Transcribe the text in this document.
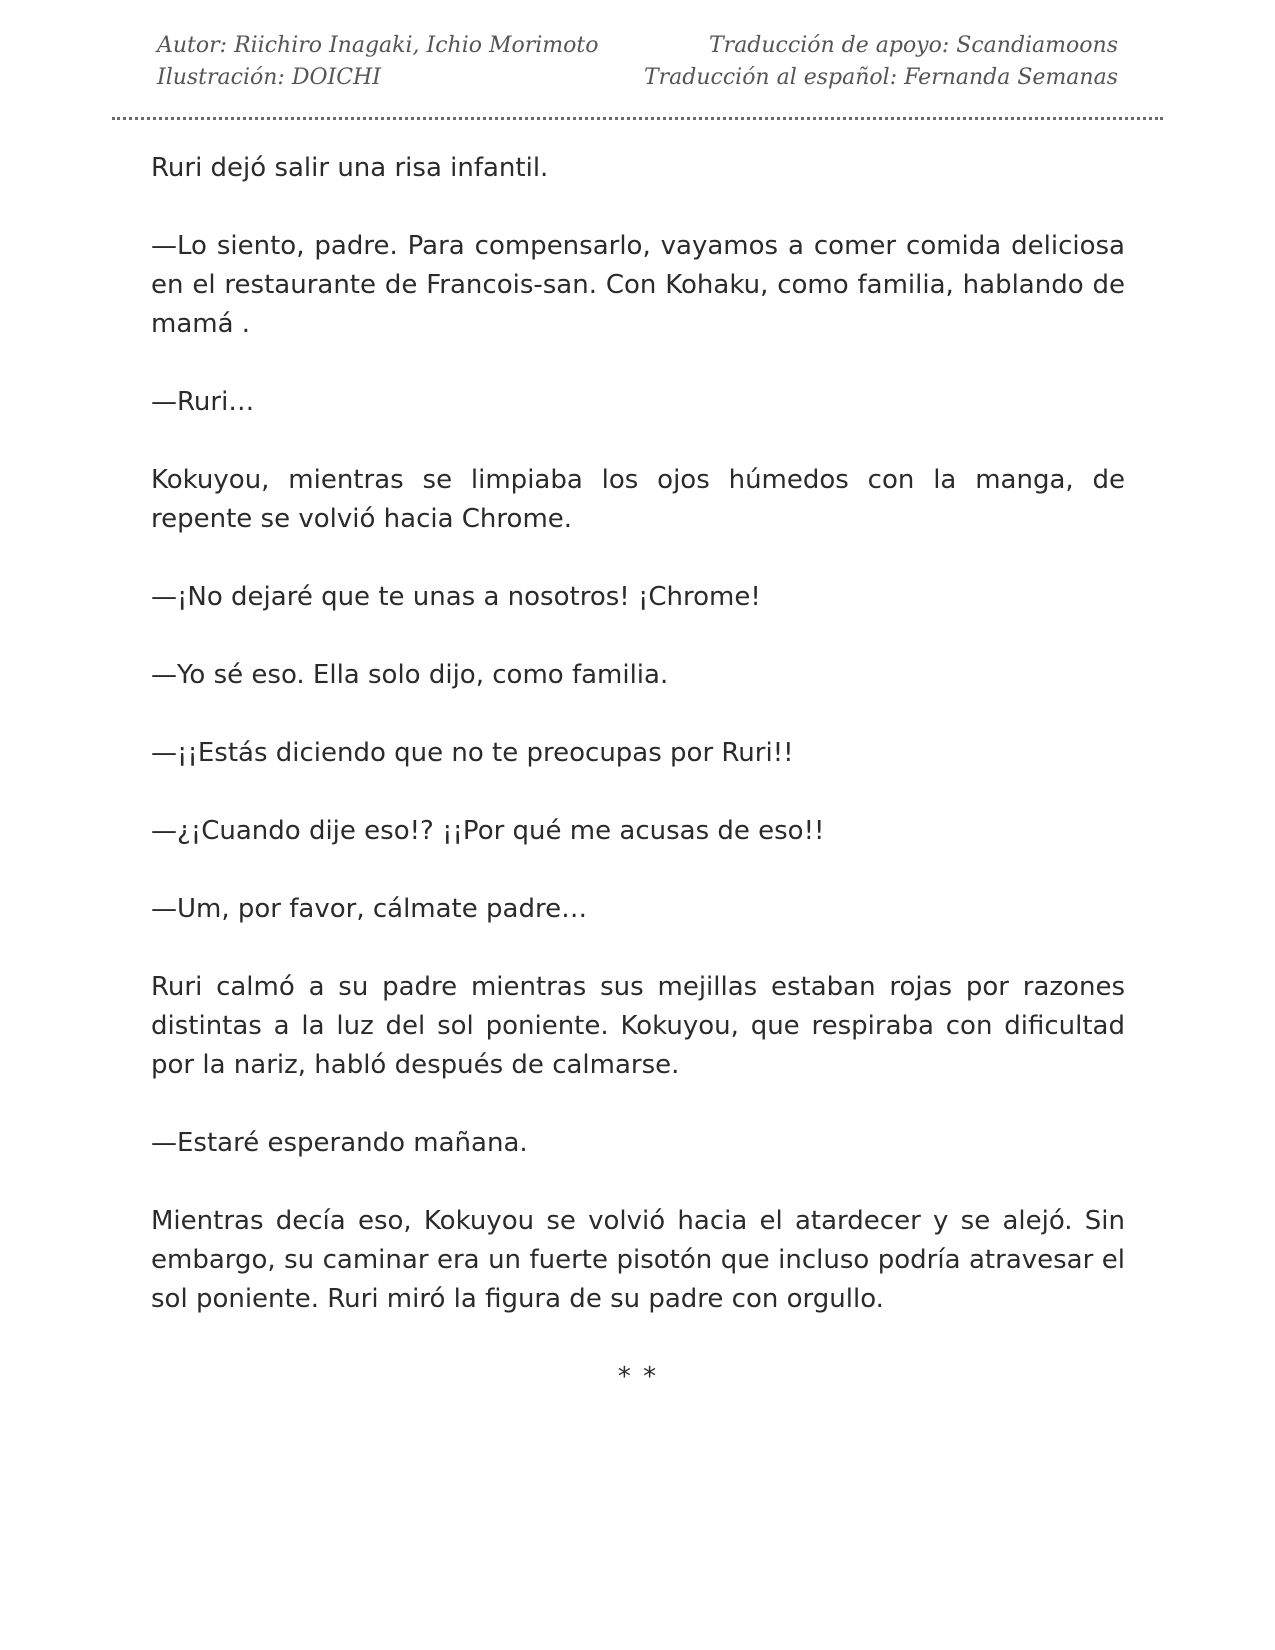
Autor: Riichiro Inagaki, Ichio Morimoto
Ilustración: DOICHI
Traducción de apoyo: Scandiamoons
Traducción al español: Fernanda Semanas

Ruri dejó salir una risa infantil.

—Lo siento, padre. Para compensarlo, vayamos a comer comida deliciosa en el restaurante de Francois-san. Con Kohaku, como familia, hablando de mamá .

—Ruri…

Kokuyou, mientras se limpiaba los ojos húmedos con la manga, de repente se volvió hacia Chrome.

—¡No dejaré que te unas a nosotros! ¡Chrome!

—Yo sé eso. Ella solo dijo, como familia.

—¡¡Estás diciendo que no te preocupas por Ruri!!

—¿¡Cuando dije eso!? ¡¡Por qué me acusas de eso!!

—Um, por favor, cálmate padre…

Ruri calmó a su padre mientras sus mejillas estaban rojas por razones distintas a la luz del sol poniente. Kokuyou, que respiraba con dificultad por la nariz, habló después de calmarse.

—Estaré esperando mañana.

Mientras decía eso, Kokuyou se volvió hacia el atardecer y se alejó. Sin embargo, su caminar era un fuerte pisotón que incluso podría atravesar el sol poniente. Ruri miró la figura de su padre con orgullo.

* *
